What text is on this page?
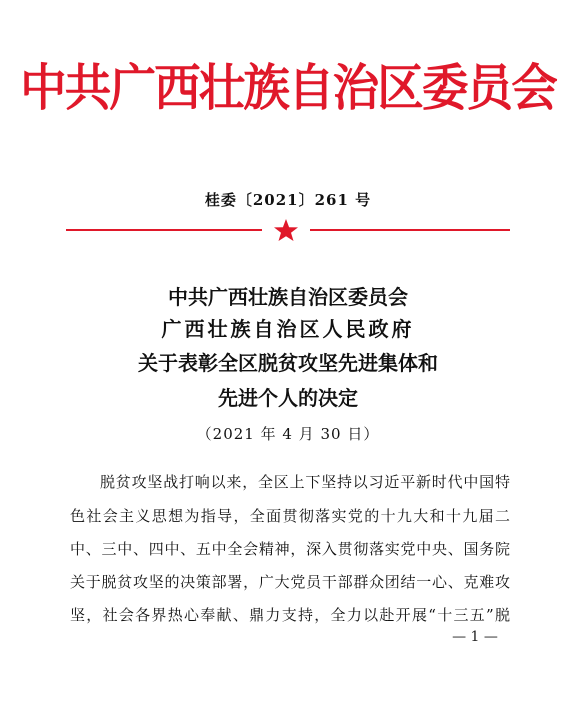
中共广西壮族自治区委员会
桂委〔2021〕261 号
中共广西壮族自治区委员会
广西壮族自治区人民政府
关于表彰全区脱贫攻坚先进集体和
先进个人的决定
（2021 年 4 月 30 日）
脱贫攻坚战打响以来，全区上下坚持以习近平新时代中国特
色社会主义思想为指导，全面贯彻落实党的十九大和十九届二
中、三中、四中、五中全会精神，深入贯彻落实党中央、国务院
关于脱贫攻坚的决策部署，广大党员干部群众团结一心、克难攻
坚，社会各界热心奉献、鼎力支持，全力以赴开展“十三五”脱
— 1 —
